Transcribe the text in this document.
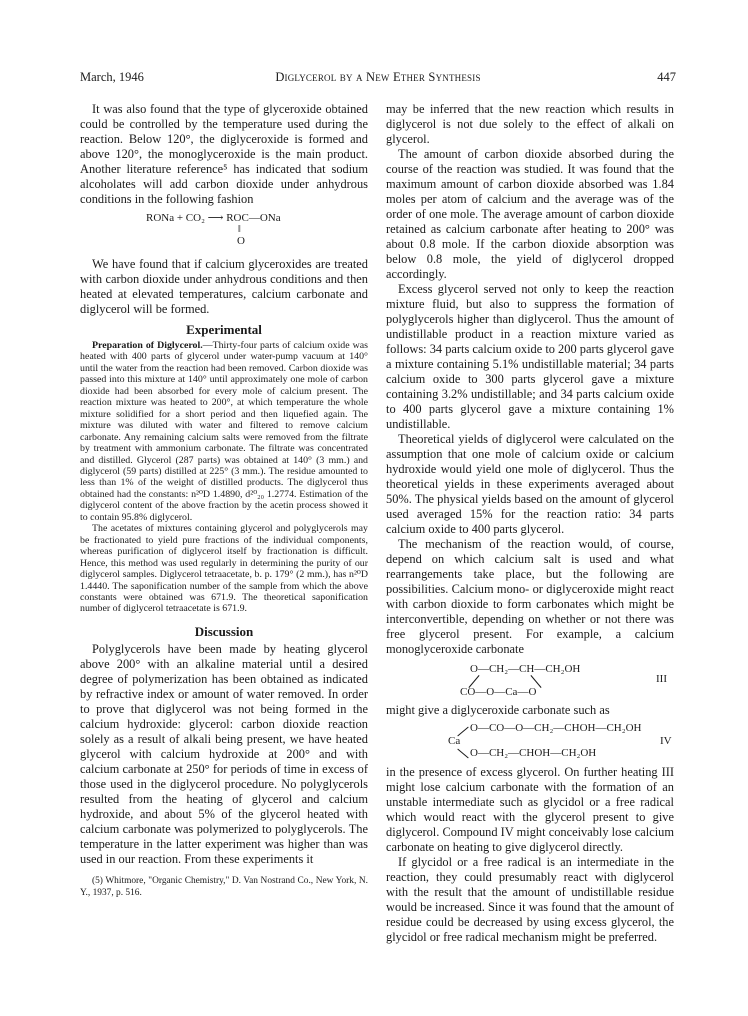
March, 1946	Diglycerol by a New Ether Synthesis	447

It was also found that the type of glyceroxide obtained could be controlled by the temperature used during the reaction. Below 120°, the diglyceroxide is formed and above 120°, the monoglyceroxide is the main product. Another literature reference⁵ has indicated that sodium alcoholates will add carbon dioxide under anhydrous conditions in the following fashion

RONa + CO₂ ⟶ ROC—ONa
‖
O

We have found that if calcium glyceroxides are treated with carbon dioxide under anhydrous conditions and then heated at elevated temperatures, calcium carbonate and diglycerol will be formed.

Experimental

Preparation of Diglycerol.—Thirty-four parts of calcium oxide was heated with 400 parts of glycerol under water-pump vacuum at 140° until the water from the reaction had been removed. Carbon dioxide was passed into this mixture at 140° until approximately one mole of carbon dioxide had been absorbed for every mole of calcium present. The reaction mixture was heated to 200°, at which temperature the whole mixture solidified for a short period and then liquefied again. The mixture was diluted with water and filtered to remove calcium carbonate. Any remaining calcium salts were removed from the filtrate by treatment with ammonium carbonate. The filtrate was concentrated and distilled. Glycerol (287 parts) was obtained at 140° (3 mm.) and diglycerol (59 parts) distilled at 225° (3 mm.). The residue amounted to less than 1% of the weight of distilled products. The diglycerol thus obtained had the constants: n²⁰D 1.4890, d²⁰₂₀ 1.2774. Estimation of the diglycerol content of the above fraction by the acetin process showed it to contain 95.8% diglycerol.

The acetates of mixtures containing glycerol and polyglycerols may be fractionated to yield pure fractions of the individual components, whereas purification of diglycerol itself by fractionation is difficult. Hence, this method was used regularly in determining the purity of our diglycerol samples. Diglycerol tetraacetate, b. p. 179° (2 mm.), has n²⁰D 1.4440. The saponification number of the sample from which the above constants were obtained was 671.9. The theoretical saponification number of diglycerol tetraacetate is 671.9.

Discussion

Polyglycerols have been made by heating glycerol above 200° with an alkaline material until a desired degree of polymerization has been obtained as indicated by refractive index or amount of water removed. In order to prove that diglycerol was not being formed in the calcium hydroxide: glycerol: carbon dioxide reaction solely as a result of alkali being present, we have heated glycerol with calcium hydroxide at 200° and with calcium carbonate at 250° for periods of time in excess of those used in the diglycerol procedure. No polyglycerols resulted from the heating of glycerol and calcium hydroxide, and about 5% of the glycerol heated with calcium carbonate was polymerized to polyglycerols. The temperature in the latter experiment was higher than was used in our reaction. From these experiments it

(5) Whitmore, "Organic Chemistry," D. Van Nostrand Co., New York, N. Y., 1937, p. 516.

may be inferred that the new reaction which results in diglycerol is not due solely to the effect of alkali on glycerol.

The amount of carbon dioxide absorbed during the course of the reaction was studied. It was found that the maximum amount of carbon dioxide absorbed was 1.84 moles per atom of calcium and the average was of the order of one mole. The average amount of carbon dioxide retained as calcium carbonate after heating to 200° was about 0.8 mole. If the carbon dioxide absorption was below 0.8 mole, the yield of diglycerol dropped accordingly.

Excess glycerol served not only to keep the reaction mixture fluid, but also to suppress the formation of polyglycerols higher than diglycerol. Thus the amount of undistillable product in a reaction mixture varied as follows: 34 parts calcium oxide to 200 parts glycerol gave a mixture containing 5.1% undistillable material; 34 parts calcium oxide to 300 parts glycerol gave a mixture containing 3.2% undistillable; and 34 parts calcium oxide to 400 parts glycerol gave a mixture containing 1% undistillable.

Theoretical yields of diglycerol were calculated on the assumption that one mole of calcium oxide or calcium hydroxide would yield one mole of diglycerol. Thus the theoretical yields in these experiments averaged about 50%. The physical yields based on the amount of glycerol used averaged 15% for the reaction ratio: 34 parts calcium oxide to 400 parts glycerol.

The mechanism of the reaction would, of course, depend on which calcium salt is used and what rearrangements take place, but the following are possibilities. Calcium mono- or diglyceroxide might react with carbon dioxide to form carbonates which might be interconvertible, depending on whether or not there was free glycerol present. For example, a calcium monoglyceroxide carbonate

O—CH₂—CH—CH₂OH
CO—O—Ca—O
III

might give a diglyceroxide carbonate such as

O—CO—O—CH₂—CHOH—CH₂OH
Ca
O—CH₂—CHOH—CH₂OH
IV

in the presence of excess glycerol. On further heating III might lose calcium carbonate with the formation of an unstable intermediate such as glycidol or a free radical which would react with the glycerol present to give diglycerol. Compound IV might conceivably lose calcium carbonate on heating to give diglycerol directly.

If glycidol or a free radical is an intermediate in the reaction, they could presumably react with diglycerol with the result that the amount of undistillable residue would be increased. Since it was found that the amount of residue could be decreased by using excess glycerol, the glycidol or free radical mechanism might be preferred.
